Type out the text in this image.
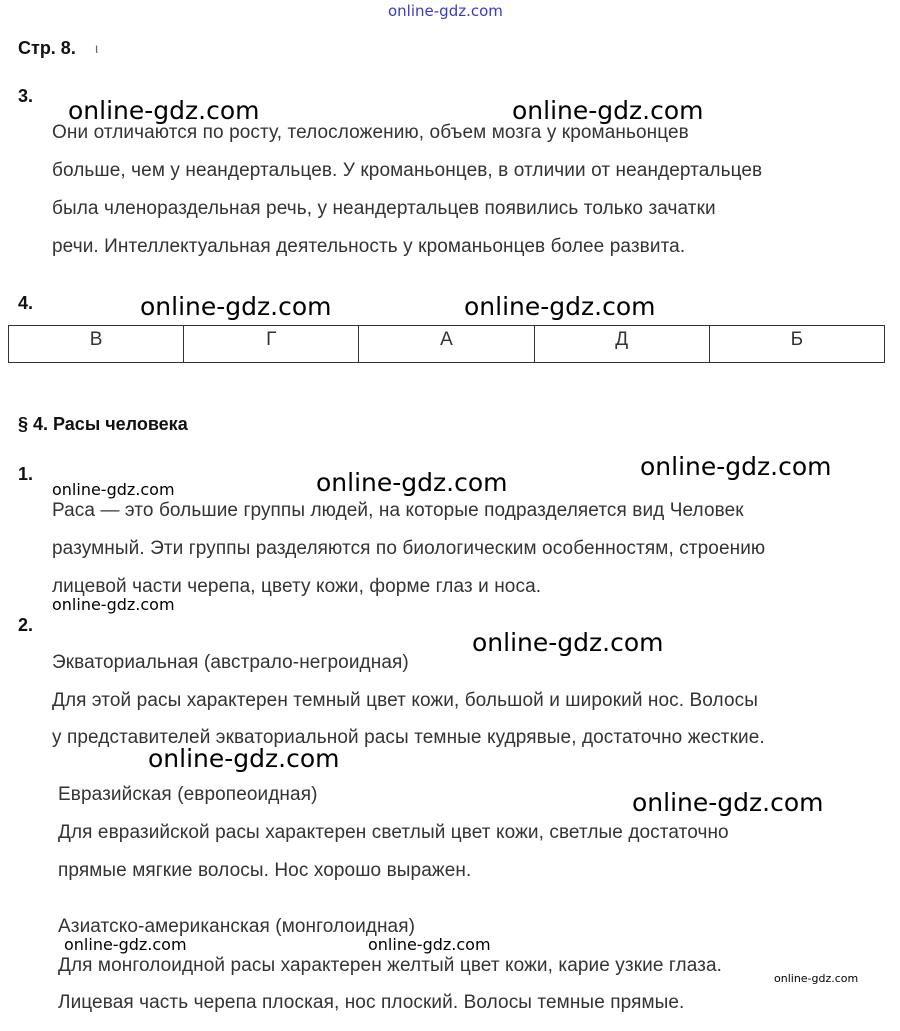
online-gdz.com
Стр. 8. ι
3.
Они отличаются по росту, телосложению, объем мозга у кроманьонцев
больше, чем у неандертальцев. У кроманьонцев, в отличии от неандертальцев
была членораздельная речь, у неандертальцев появились только зачатки
речи. Интеллектуальная деятельность у кроманьонцев более развита.
4.
В	Г	А	Д	Б
§ 4. Расы человека
1.
Раса — это большие группы людей, на которые подразделяется вид Человек
разумный. Эти группы разделяются по биологическим особенностям, строению
лицевой части черепа, цвету кожи, форме глаз и носа.
2.
Экваториальная (австрало-негроидная)
Для этой расы характерен темный цвет кожи, большой и широкий нос. Волосы
у представителей экваториальной расы темные кудрявые, достаточно жесткие.
Евразийская (европеоидная)
Для евразийской расы характерен светлый цвет кожи, светлые достаточно
прямые мягкие волосы. Нос хорошо выражен.
Азиатско-американская (монголоидная)
Для монголоидной расы характерен желтый цвет кожи, карие узкие глаза.
Лицевая часть черепа плоская, нос плоский. Волосы темные прямые.
online-gdz.com	online-gdz.com
online-gdz.com	online-gdz.com
online-gdz.com
online-gdz.com
online-gdz.com
online-gdz.com
online-gdz.com
online-gdz.com
online-gdz.com
online-gdz.com	online-gdz.com
online-gdz.com
